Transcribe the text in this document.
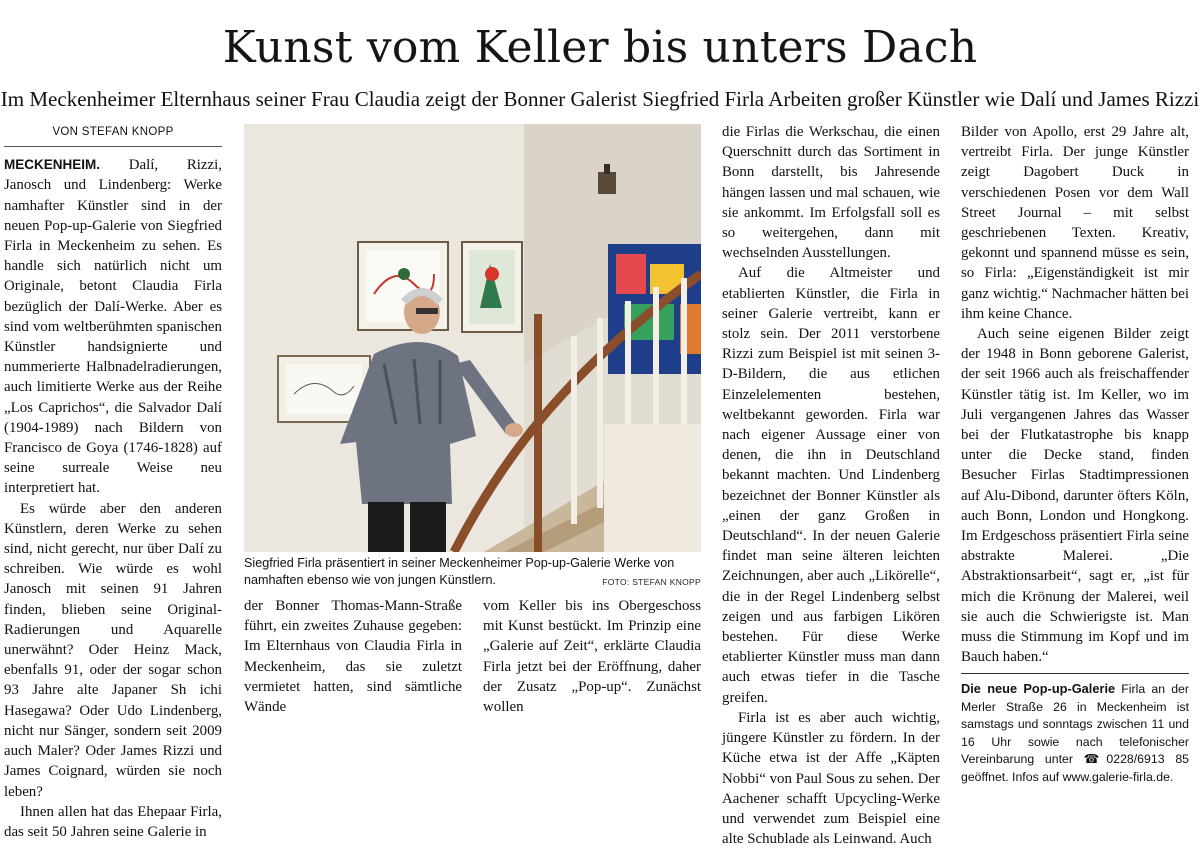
Kunst vom Keller bis unters Dach
Im Meckenheimer Elternhaus seiner Frau Claudia zeigt der Bonner Galerist Siegfried Firla Arbeiten großer Künstler wie Dalí und James Rizzi
VON STEFAN KNOPP

MECKENHEIM. Dalí, Rizzi, Janosch und Lindenberg: Werke namhafter Künstler sind in der neuen Pop-up-Galerie von Siegfried Firla in Meckenheim zu sehen. Es handle sich natürlich nicht um Originale, betont Claudia Firla bezüglich der Dalí-Werke. Aber es sind vom weltberühmten spanischen Künstler handsignierte und nummerierte Halbnadelradierungen, auch limitierte Werke aus der Reihe „Los Caprichos“, die Salvador Dalí (1904-1989) nach Bildern von Francisco de Goya (1746-1828) auf seine surreale Weise neu interpretiert hat.

Es würde aber den anderen Künstlern, deren Werke zu sehen sind, nicht gerecht, nur über Dalí zu schreiben. Wie würde es wohl Janosch mit seinen 91 Jahren finden, blieben seine Original-Radierungen und Aquarelle unerwähnt? Oder Heinz Mack, ebenfalls 91, oder der sogar schon 93 Jahre alte Japaner Sh ichi Hasegawa? Oder Udo Lindenberg, nicht nur Sänger, sondern seit 2009 auch Maler? Oder James Rizzi und James Coignard, würden sie noch leben?

Ihnen allen hat das Ehepaar Firla, das seit 50 Jahren seine Galerie in

Siegfried Firla präsentiert in seiner Meckenheimer Pop-up-Galerie Werke von namhaften ebenso wie von jungen Künstlern.	FOTO: STEFAN KNOPP

der Bonner Thomas-Mann-Straße führt, ein zweites Zuhause gegeben: Im Elternhaus von Claudia Firla in Meckenheim, das sie zuletzt vermietet hatten, sind sämtliche Wände

vom Keller bis ins Obergeschoss mit Kunst bestückt. Im Prinzip eine „Galerie auf Zeit“, erklärte Claudia Firla jetzt bei der Eröffnung, daher der Zusatz „Pop-up“. Zunächst wollen

die Firlas die Werkschau, die einen Querschnitt durch das Sortiment in Bonn darstellt, bis Jahresende hängen lassen und mal schauen, wie sie ankommt. Im Erfolgsfall soll es so weitergehen, dann mit wechselnden Ausstellungen.

Auf die Altmeister und etablierten Künstler, die Firla in seiner Galerie vertreibt, kann er stolz sein. Der 2011 verstorbene Rizzi zum Beispiel ist mit seinen 3-D-Bildern, die aus etlichen Einzelelementen bestehen, weltbekannt geworden. Firla war nach eigener Aussage einer von denen, die ihn in Deutschland bekannt machten. Und Lindenberg bezeichnet der Bonner Künstler als „einen der ganz Großen in Deutschland“. In der neuen Galerie findet man seine älteren leichten Zeichnungen, aber auch „Likörelle“, die in der Regel Lindenberg selbst zeigen und aus farbigen Likören bestehen. Für diese Werke etablierter Künstler muss man dann auch etwas tiefer in die Tasche greifen.

Firla ist es aber auch wichtig, jüngere Künstler zu fördern. In der Küche etwa ist der Affe „Käpten Nobbi“ von Paul Sous zu sehen. Der Aachener schafft Upcycling-Werke und verwendet zum Beispiel eine alte Schublade als Leinwand. Auch

Bilder von Apollo, erst 29 Jahre alt, vertreibt Firla. Der junge Künstler zeigt Dagobert Duck in verschiedenen Posen vor dem Wall Street Journal – mit selbst geschriebenen Texten. Kreativ, gekonnt und spannend müsse es sein, so Firla: „Eigenständigkeit ist mir ganz wichtig.“ Nachmacher hätten bei ihm keine Chance.

Auch seine eigenen Bilder zeigt der 1948 in Bonn geborene Galerist, der seit 1966 auch als freischaffender Künstler tätig ist. Im Keller, wo im Juli vergangenen Jahres das Wasser bei der Flutkatastrophe bis knapp unter die Decke stand, finden Besucher Firlas Stadtimpressionen auf Alu-Dibond, darunter öfters Köln, auch Bonn, London und Hongkong. Im Erdgeschoss präsentiert Firla seine abstrakte Malerei. „Die Abstraktionsarbeit“, sagt er, „ist für mich die Krönung der Malerei, weil sie auch die Schwierigste ist. Man muss die Stimmung im Kopf und im Bauch haben.“

Die neue Pop-up-Galerie Firla an der Merler Straße 26 in Meckenheim ist samstags und sonntags zwischen 11 und 16 Uhr sowie nach telefonischer Vereinbarung unter ☎0228/6913 85 geöffnet. Infos auf www.galerie-firla.de.
